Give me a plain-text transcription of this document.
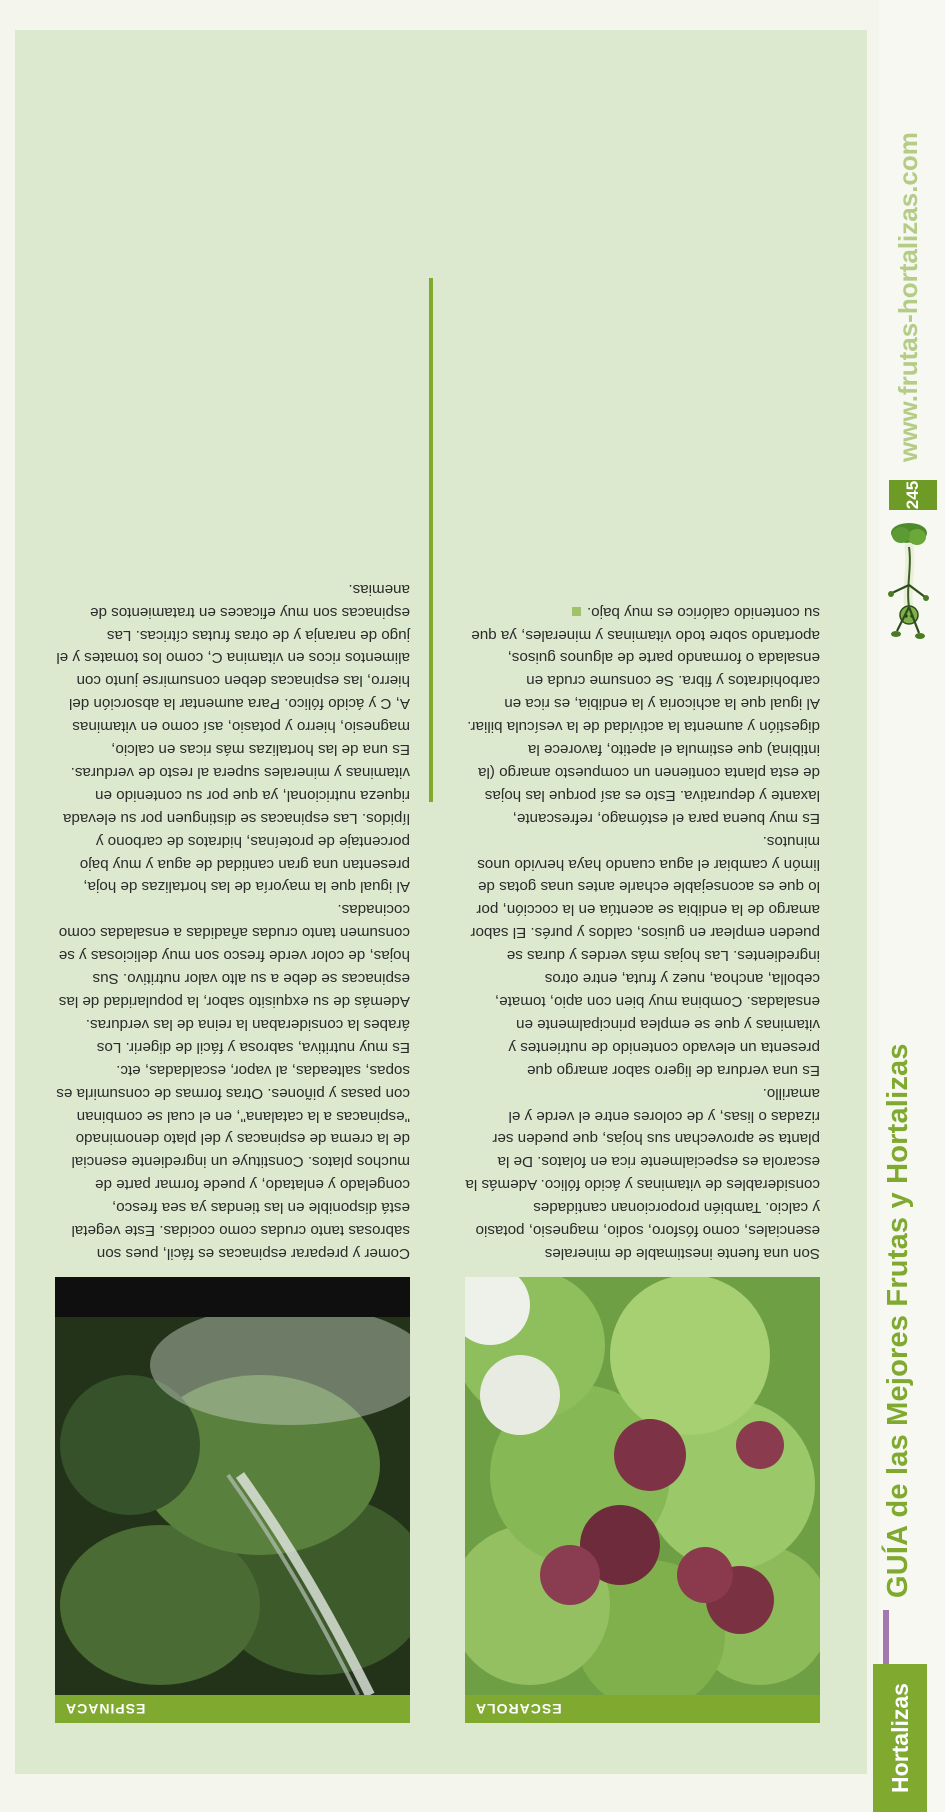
Hortalizas
GUÍA de las Mejores Frutas y Hortalizas
245
www.frutas-hortalizas.com
ESCAROLA
ESPINACA

Son una fuente inestimable de minerales esenciales, como fósforo, sodio, magnesio, potasio y calcio. También proporcionan cantidades considerables de vitaminas y ácido fólico. Además la escarola es especialmente rica en folatos. De la planta se aprovechan sus hojas, que pueden ser rizadas o lisas, y de colores entre el verde y el amarillo.

Es una verdura de ligero sabor amargo que presenta un elevado contenido de nutrientes y vitaminas y que se emplea principalmente en ensaladas. Combina muy bien con apio, tomate, cebolla, anchoa, nuez y fruta, entre otros ingredientes. Las hojas más verdes y duras se pueden emplear en guisos, caldos y purés. El sabor amargo de la endibia se acentúa en la cocción, por lo que es aconsejable echarle antes unas gotas de limón y cambiar el agua cuando haya hervido unos minutos.

Es muy buena para el estómago, refrescante, laxante y depurativa. Esto es así porque las hojas de esta planta contienen un compuesto amargo (la intibina) que estimula el apetito, favorece la digestión y aumenta la actividad de la vesícula biliar.

Al igual que la achicoria y la endibia, es rica en carbohidratos y fibra. Se consume cruda en ensalada o formando parte de algunos guisos, aportando sobre todo vitaminas y minerales, ya que su contenido calórico es muy bajo.

Comer y preparar espinacas es fácil, pues son sabrosas tanto crudas como cocidas. Este vegetal está disponible en las tiendas ya sea fresco, congelado y enlatado, y puede formar parte de muchos platos. Constituye un ingrediente esencial de la crema de espinacas y del plato denominado "espinacas a la catalana", en el cual se combinan con pasas y piñones. Otras formas de consumirla es sopas, salteadas, al vapor, escaldadas, etc.

Es muy nutritiva, sabrosa y fácil de digerir. Los árabes la consideraban la reina de las verduras. Además de su exquisito sabor, la popularidad de las espinacas se debe a su alto valor nutritivo. Sus hojas, de color verde fresco son muy deliciosas y se consumen tanto crudas añadidas a ensaladas como cocinadas.

Al igual que la mayoría de las hortalizas de hoja, presentan una gran cantidad de agua y muy bajo porcentaje de proteínas, hidratos de carbono y lípidos. Las espinacas se distinguen por su elevada riqueza nutricional, ya que por su contenido en vitaminas y minerales supera al resto de verduras.

Es una de las hortalizas más ricas en calcio, magnesio, hierro y potasio, así como en vitaminas A, C y ácido fólico. Para aumentar la absorción del hierro, las espinacas deben consumirse junto con alimentos ricos en vitamina C, como los tomates y el jugo de naranja y de otras frutas cítricas. Las espinacas son muy eficaces en tratamientos de anemias.
